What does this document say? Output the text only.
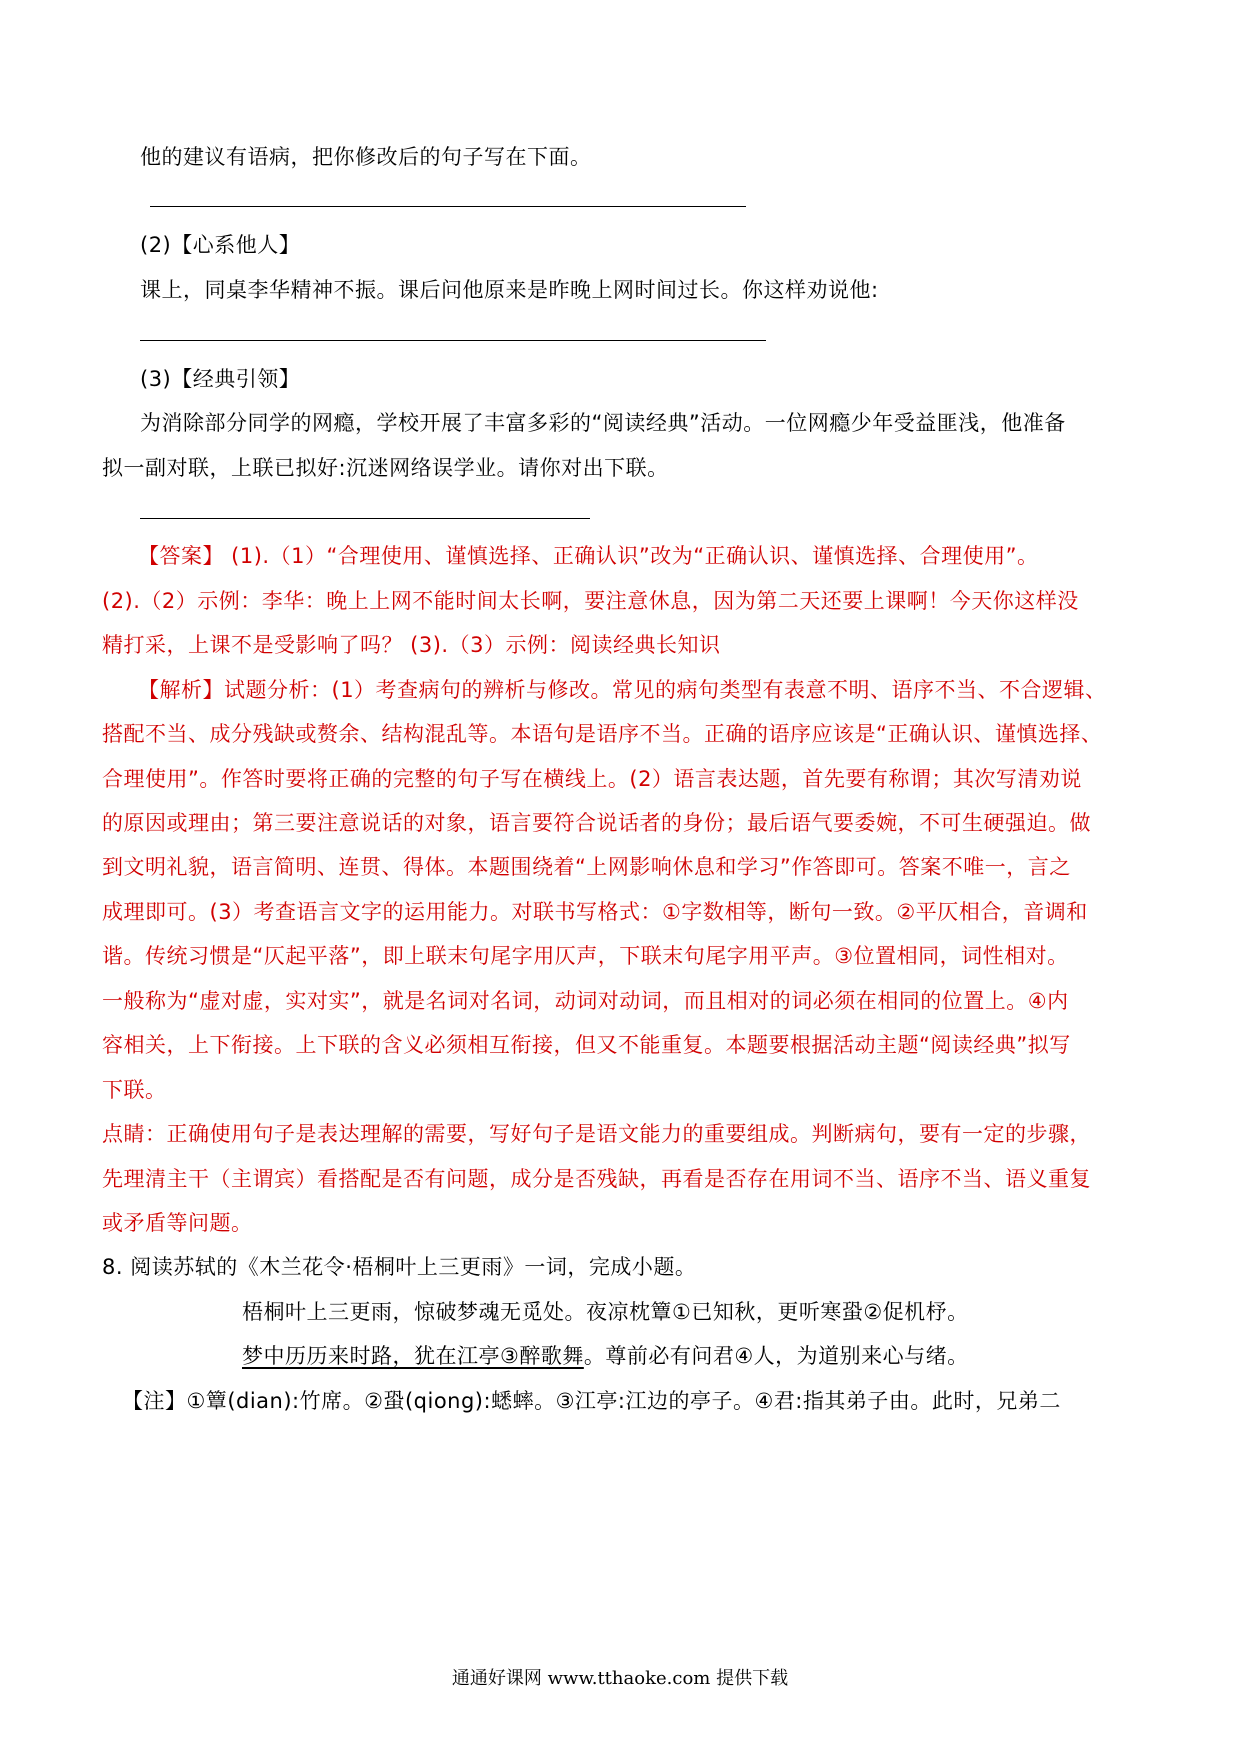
他的建议有语病，把你修改后的句子写在下面。
(2)【心系他人】
课上，同桌李华精神不振。课后问他原来是昨晚上网时间过长。你这样劝说他:
(3)【经典引领】
为消除部分同学的网瘾，学校开展了丰富多彩的“阅读经典”活动。一位网瘾少年受益匪浅，他准备
拟一副对联，上联已拟好:沉迷网络误学业。请你对出下联。
【答案】 (1).（1）“合理使用、谨慎选择、正确认识”改为“正确认识、谨慎选择、合理使用”。
(2).（2）示例：李华：晚上上网不能时间太长啊，要注意休息，因为第二天还要上课啊！今天你这样没
精打采，上课不是受影响了吗？ (3).（3）示例：阅读经典长知识
【解析】试题分析：(1）考查病句的辨析与修改。常见的病句类型有表意不明、语序不当、不合逻辑、
搭配不当、成分残缺或赘余、结构混乱等。本语句是语序不当。正确的语序应该是“正确认识、谨慎选择、
合理使用”。作答时要将正确的完整的句子写在横线上。(2）语言表达题，首先要有称谓；其次写清劝说
的原因或理由；第三要注意说话的对象，语言要符合说话者的身份；最后语气要委婉，不可生硬强迫。做
到文明礼貌，语言简明、连贯、得体。本题围绕着“上网影响休息和学习”作答即可。答案不唯一，言之
成理即可。(3）考查语言文字的运用能力。对联书写格式：①字数相等，断句一致。②平仄相合，音调和
谐。传统习惯是“仄起平落”，即上联末句尾字用仄声，下联末句尾字用平声。③位置相同，词性相对。
一般称为“虚对虚，实对实”，就是名词对名词，动词对动词，而且相对的词必须在相同的位置上。④内
容相关，上下衔接。上下联的含义必须相互衔接，但又不能重复。本题要根据活动主题“阅读经典”拟写
下联。
点睛：正确使用句子是表达理解的需要，写好句子是语文能力的重要组成。判断病句，要有一定的步骤，
先理清主干（主谓宾）看搭配是否有问题，成分是否残缺，再看是否存在用词不当、语序不当、语义重复
或矛盾等问题。
8. 阅读苏轼的《木兰花令·梧桐叶上三更雨》一词，完成小题。
梧桐叶上三更雨，惊破梦魂无觅处。夜凉枕簟①已知秋，更听寒蛩②促机杼。
梦中历历来时路，犹在江亭③醉歌舞。尊前必有问君④人，为道别来心与绪。
【注】①簟(dian):竹席。②蛩(qiong):蟋蟀。③江亭:江边的亭子。④君:指其弟子由。此时，兄弟二
通通好课网 www.tthaoke.com 提供下载
